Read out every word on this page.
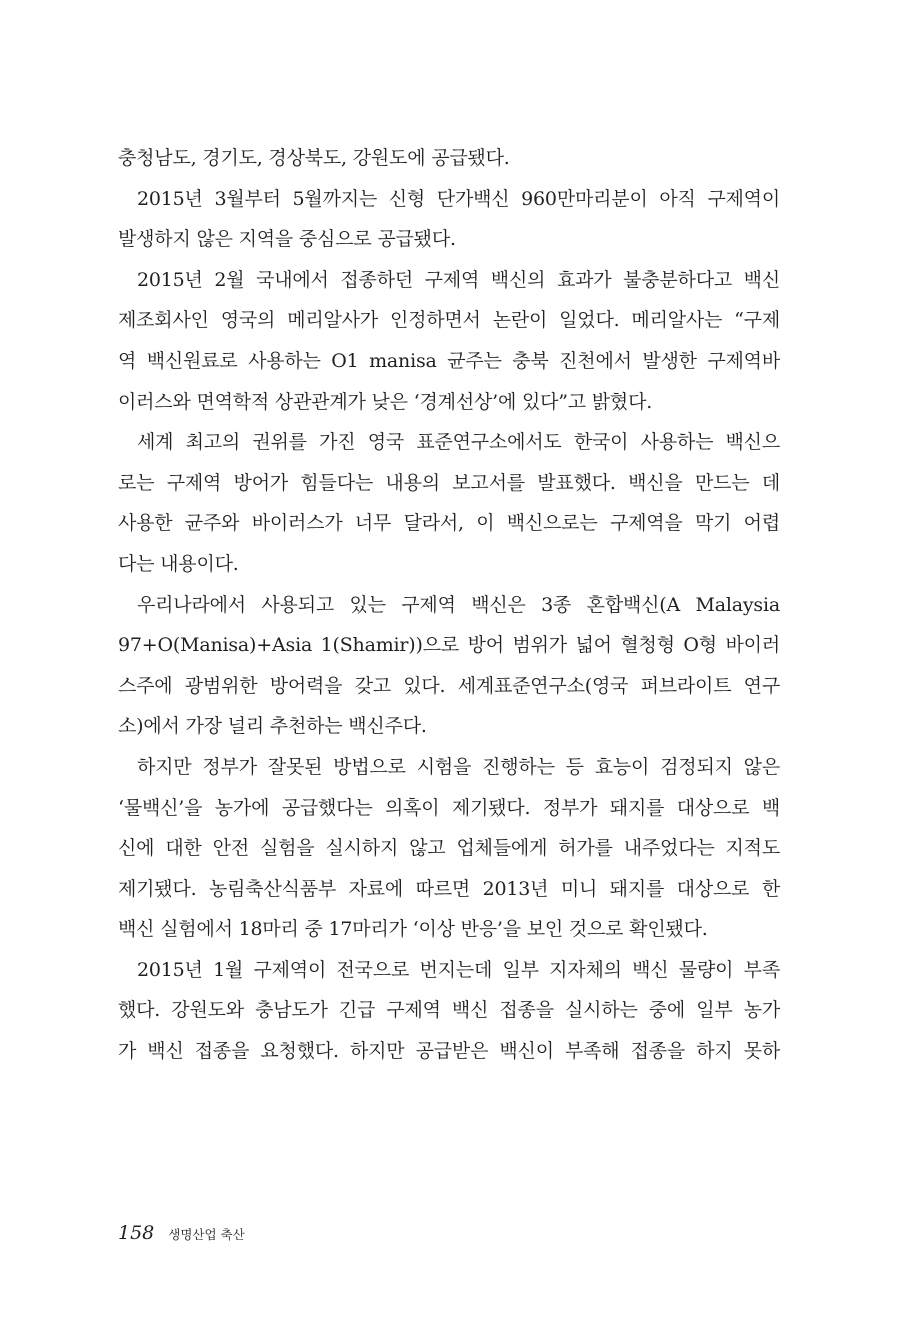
충청남도, 경기도, 경상북도, 강원도에 공급됐다.
2015년 3월부터 5월까지는 신형 단가백신 960만마리분이 아직 구제역이
발생하지 않은 지역을 중심으로 공급됐다.
2015년 2월 국내에서 접종하던 구제역 백신의 효과가 불충분하다고 백신
제조회사인 영국의 메리알사가 인정하면서 논란이 일었다. 메리알사는 “구제
역 백신원료로 사용하는 O1 manisa 균주는 충북 진천에서 발생한 구제역바
이러스와 면역학적 상관관계가 낮은 ‘경계선상’에 있다”고 밝혔다.
세계 최고의 권위를 가진 영국 표준연구소에서도 한국이 사용하는 백신으
로는 구제역 방어가 힘들다는 내용의 보고서를 발표했다. 백신을 만드는 데
사용한 균주와 바이러스가 너무 달라서, 이 백신으로는 구제역을 막기 어렵
다는 내용이다.
우리나라에서 사용되고 있는 구제역 백신은 3종 혼합백신(A Malaysia
97+O(Manisa)+Asia 1(Shamir))으로 방어 범위가 넓어 혈청형 O형 바이러
스주에 광범위한 방어력을 갖고 있다. 세계표준연구소(영국 퍼브라이트 연구
소)에서 가장 널리 추천하는 백신주다.
하지만 정부가 잘못된 방법으로 시험을 진행하는 등 효능이 검정되지 않은
‘물백신’을 농가에 공급했다는 의혹이 제기됐다. 정부가 돼지를 대상으로 백
신에 대한 안전 실험을 실시하지 않고 업체들에게 허가를 내주었다는 지적도
제기됐다. 농림축산식품부 자료에 따르면 2013년 미니 돼지를 대상으로 한
백신 실험에서 18마리 중 17마리가 ‘이상 반응’을 보인 것으로 확인됐다.
2015년 1월 구제역이 전국으로 번지는데 일부 지자체의 백신 물량이 부족
했다. 강원도와 충남도가 긴급 구제역 백신 접종을 실시하는 중에 일부 농가
가 백신 접종을 요청했다. 하지만 공급받은 백신이 부족해 접종을 하지 못하
158 생명산업 축산
